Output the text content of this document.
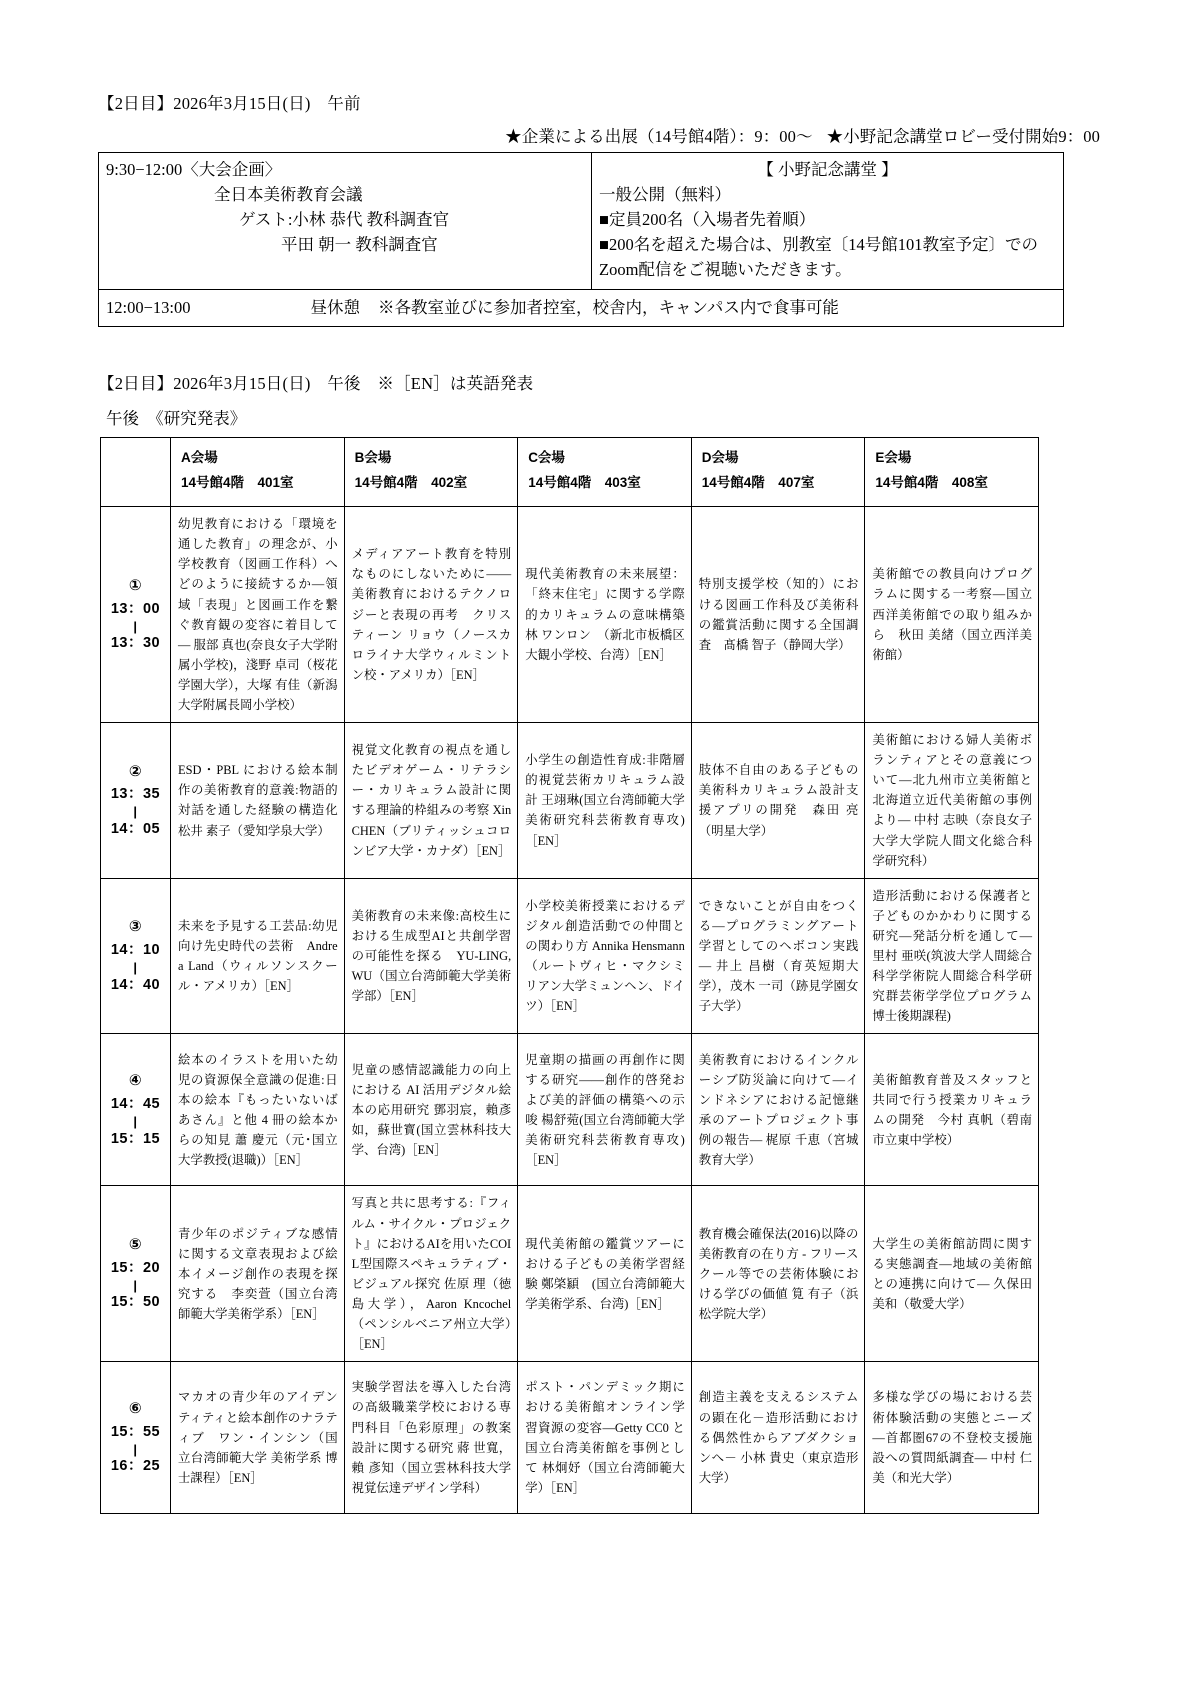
【2日目】2026年3月15日(日)　午前
★企業による出展（14号館4階）：9：00〜 ★小野記念講堂ロビー受付開始9：00
9:30−12:00〈大会企画〉
全日本美術教育会議
ゲスト:小林 恭代 教科調査官
平田 朝一 教科調査官

【 小野記念講堂 】
一般公開（無料）
■定員200名（入場者先着順）
■200名を超えた場合は、別教室〔14号館101教室予定〕でのZoom配信をご視聴いただきます。

12:00−13:00	昼休憩 ※各教室並びに参加者控室，校舎内，キャンパス内で食事可能
【2日目】2026年3月15日(日)　午後　※［EN］は英語発表
午後　《研究発表》

	A会場
14号館4階　401室	B会場
14号館4階　402室	C会場
14号館4階　403室	D会場
14号館4階　407室	E会場
14号館4階　408室

①
13：00
|
13：30	幼児教育における「環境を通した教育」の理念が、小学校教育（図画工作科）へどのように接続するか―領域「表現」と図画工作を繋ぐ教育観の変容に着目して― 服部 真也(奈良女子大学附属小学校)，淺野 卓司（桜花学園大学），大塚 有佳（新潟大学附属長岡小学校）	メディアアート教育を特別なものにしないために――美術教育におけるテクノロジーと表現の再考　クリスティーン リョウ（ノースカロライナ大学ウィルミントン校・アメリカ）［EN］	現代美術教育の未来展望：「終末住宅」に関する学際的カリキュラムの意味構築　　林 ワンロン　（新北市板橋区大観小学校、台湾）［EN］	特別支援学校（知的）における図画工作科及び美術科の鑑賞活動に関する全国調査　髙橋 智子（静岡大学）	美術館での教員向けプログラムに関する一考察―国立西洋美術館での取り組みから　秋田 美緒（国立西洋美術館）

②
13：35
|
14：05	ESD・PBL における絵本制作の美術教育的意義:物語的対話を通した経験の構造化 松井 素子（愛知学泉大学）	視覚文化教育の視点を通したビデオゲーム・リテラシー・カリキュラム設計に関する理論的枠組みの考察 Xin CHEN（ブリティッシュコロンビア大学・カナダ）［EN］	小学生の創造性育成:非階層的視覚芸術カリキュラム設計 王翊琳(国立台湾師範大学美術研究科芸術教育専攻)［EN］	肢体不自由のある子どもの美術科カリキュラム設計支援アプリの開発　森田 亮（明星大学）	美術館における婦人美術ボランティアとその意義について―北九州市立美術館と北海道立近代美術館の事例より― 中村 志映（奈良女子大学大学院人間文化総合科学研究科）

③
14：10
|
14：40	未来を予見する工芸品:幼児向け先史時代の芸術　Andrea Land（ウィルソンスクール・アメリカ）［EN］	美術教育の未来像:高校生における生成型AIと共創学習の可能性を探る　YU-LING,WU（国立台湾師範大学美術学部）［EN］	小学校美術授業におけるデジタル創造活動での仲間との関わり方 Annika Hensmann（ルートヴィヒ・マクシミリアン大学ミュンヘン、ドイツ）［EN］	できないことが自由をつくる―プログラミングアート学習としてのヘボコン実践― 井上 昌樹（育英短期大学），茂木 一司（跡見学園女子大学）	造形活動における保護者と子どものかかわりに関する研究―発話分析を通して― 里村 亜咲(筑波大学人間総合科学学術院人間総合科学研究群芸術学学位プログラム博士後期課程)

④
14：45
|
15：15	絵本のイラストを用いた幼児の資源保全意識の促進:日本の絵本『もったいないばあさん』と他 4 冊の絵本からの知見 蕭 慶元（元･国立大学教授(退職)）［EN］	児童の感情認識能力の向上における AI 活用デジタル絵本の応用研究 鄧羽宸，賴彥如，蘇世寳(国立雲林科技大学、台湾)［EN］	児童期の描画の再創作に関する研究――創作的啓発および美的評価の構築への示唆 楊舒菀(国立台湾師範大学美術研究科芸術教育専攻)［EN］	美術教育におけるインクルーシブ防災論に向けて―インドネシアにおける記憶継承のアートプロジェクト事例の報告― 梶原 千恵（宮城教育大学）	美術館教育普及スタッフと共同で行う授業カリキュラムの開発　今村 真帆（碧南市立東中学校）

⑤
15：20
|
15：50	青少年のポジティブな感情に関する文章表現および絵本イメージ創作の表現を探究する　李奕萱（国立台湾師範大学美術学系）［EN］	写真と共に思考する:『フィルム・サイクル・プロジェクト』におけるAIを用いたCOIL型国際スペキュラティブ・ビジュアル探究 佐原 理（徳島大学），Aaron Kncochel（ペンシルベニア州立大学）［EN］	現代美術館の鑑賞ツアーにおける子どもの美術学習経験 鄭棨顈　(国立台湾師範大学美術学系、台湾)［EN］	教育機会確保法(2016)以降の美術教育の在り方 - フリースクール等での芸術体験における学びの価値 筧 有子（浜松学院大学）	大学生の美術館訪問に関する実態調査―地域の美術館との連携に向けて― 久保田 美和（敬愛大学）

⑥
15：55
|
16：25	マカオの青少年のアイデンティティと絵本創作のナラティブ　ワン・インシン（国立台湾師範大学 美術学系 博士課程）［EN］	実験学習法を導入した台湾の高級職業学校における専門科目「色彩原理」の教案設計に関する研究 蔣 世寬，賴 彥知（国立雲林科技大学 視覚伝達デザイン学科）	ポスト・パンデミック期における美術館オンライン学習資源の変容—Getty CC0 と国立台湾美術館を事例として 林炯妤（国立台湾師範大学）［EN］	創造主義を支えるシステムの顕在化－造形活動における偶然性からアブダクションへ－ 小林 貴史（東京造形大学）	多様な学びの場における芸術体験活動の実態とニーズ—首都圏67の不登校支援施設への質問紙調査— 中村 仁美（和光大学）
